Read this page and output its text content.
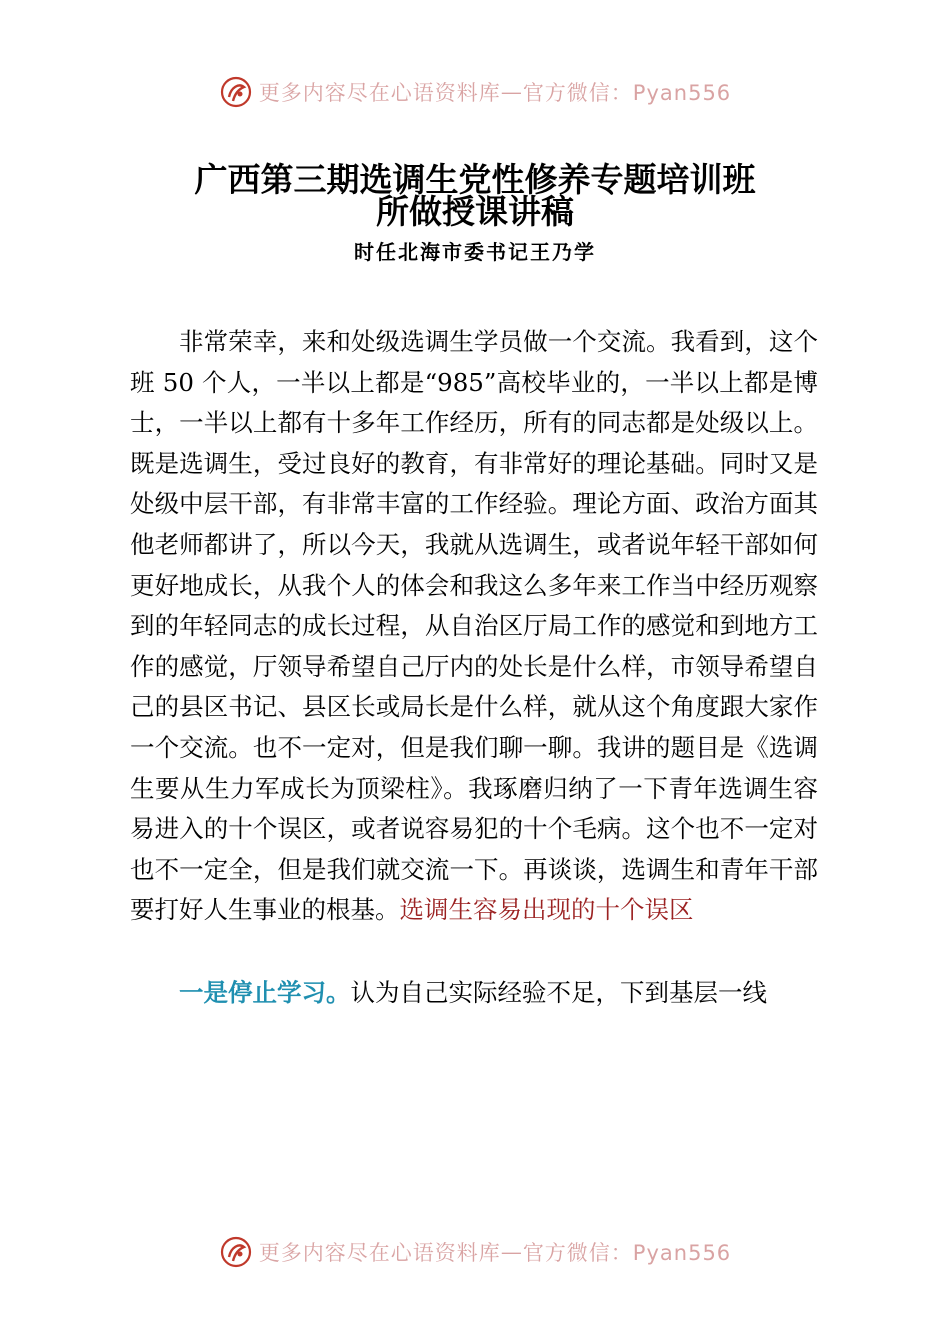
更多内容尽在心语资料库 — 官方微信：Pyan556
广西第三期选调生党性修养专题培训班
所做授课讲稿
时任北海市委书记王乃学

非常荣幸，来和处级选调生学员做一个交流。我看到，这个班 50 个人，一半以上都是“985”高校毕业的，一半以上都是博士，一半以上都有十多年工作经历，所有的同志都是处级以上。既是选调生，受过良好的教育，有非常好的理论基础。同时又是处级中层干部，有非常丰富的工作经验。理论方面、政治方面其他老师都讲了，所以今天，我就从选调生，或者说年轻干部如何更好地成长，从我个人的体会和我这么多年来工作当中经历观察到的年轻同志的成长过程，从自治区厅局工作的感觉和到地方工作的感觉，厅领导希望自己厅内的处长是什么样，市领导希望自己的县区书记、县区长或局长是什么样，就从这个角度跟大家作一个交流。也不一定对，但是我们聊一聊。我讲的题目是《选调生要从生力军成长为顶梁柱》。我琢磨归纳了一下青年选调生容易进入的十个误区，或者说容易犯的十个毛病。这个也不一定对也不一定全，但是我们就交流一下。再谈谈，选调生和青年干部要打好人生事业的根基。选调生容易出现的十个误区

一是停止学习。认为自己实际经验不足，下到基层一线

更多内容尽在心语资料库 — 官方微信：Pyan556
